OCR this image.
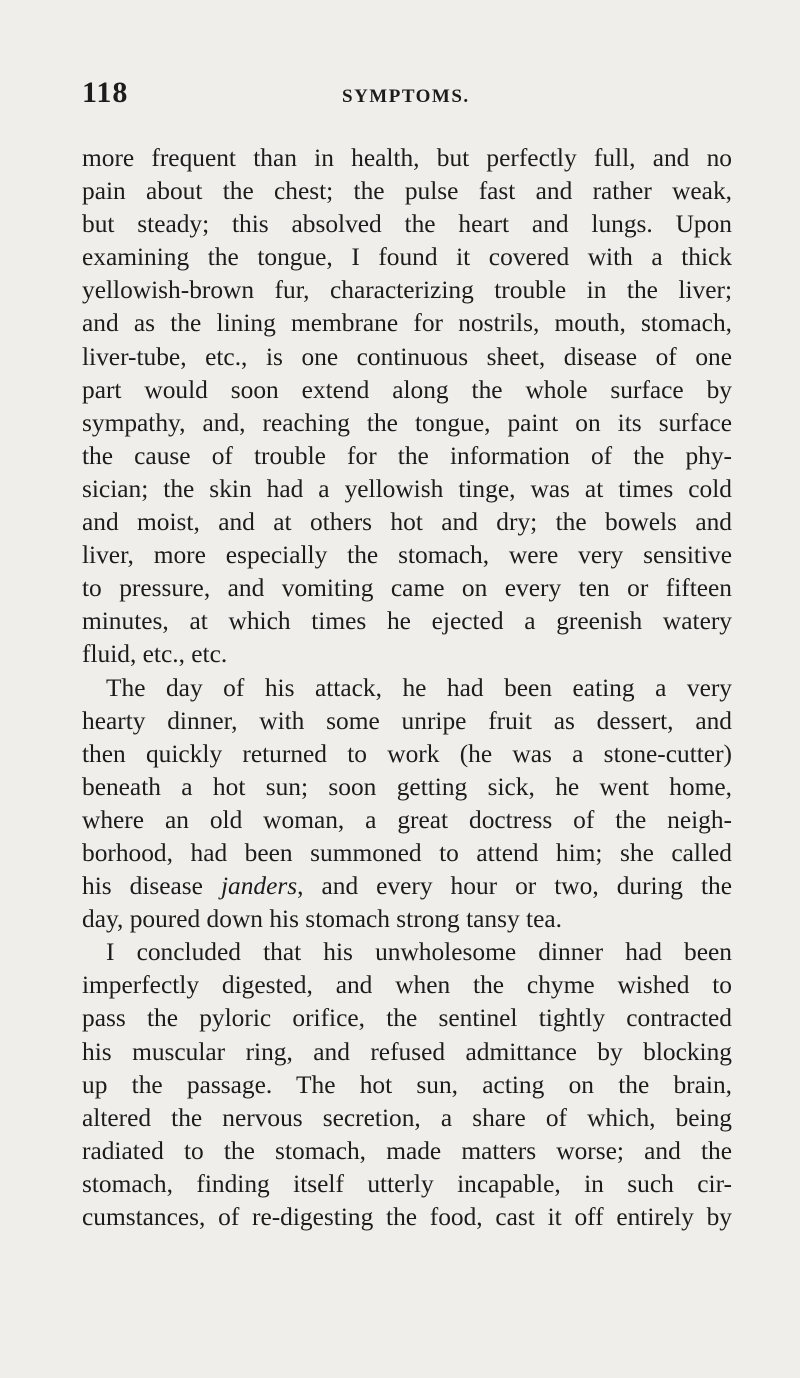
118	SYMPTOMS.
more frequent than in health, but perfectly full, and no
pain about the chest; the pulse fast and rather weak,
but steady; this absolved the heart and lungs. Upon
examining the tongue, I found it covered with a thick
yellowish-brown fur, characterizing trouble in the liver;
and as the lining membrane for nostrils, mouth, stomach,
liver-tube, etc., is one continuous sheet, disease of one
part would soon extend along the whole surface by
sympathy, and, reaching the tongue, paint on its surface
the cause of trouble for the information of the phy-
sician; the skin had a yellowish tinge, was at times cold
and moist, and at others hot and dry; the bowels and
liver, more especially the stomach, were very sensitive
to pressure, and vomiting came on every ten or fifteen
minutes, at which times he ejected a greenish watery
fluid, etc., etc.
The day of his attack, he had been eating a very
hearty dinner, with some unripe fruit as dessert, and
then quickly returned to work (he was a stone-cutter)
beneath a hot sun; soon getting sick, he went home,
where an old woman, a great doctress of the neigh-
borhood, had been summoned to attend him; she called
his disease janders, and every hour or two, during the
day, poured down his stomach strong tansy tea.
I concluded that his unwholesome dinner had been
imperfectly digested, and when the chyme wished to
pass the pyloric orifice, the sentinel tightly contracted
his muscular ring, and refused admittance by blocking
up the passage. The hot sun, acting on the brain,
altered the nervous secretion, a share of which, being
radiated to the stomach, made matters worse; and the
stomach, finding itself utterly incapable, in such cir-
cumstances, of re-digesting the food, cast it off entirely by
